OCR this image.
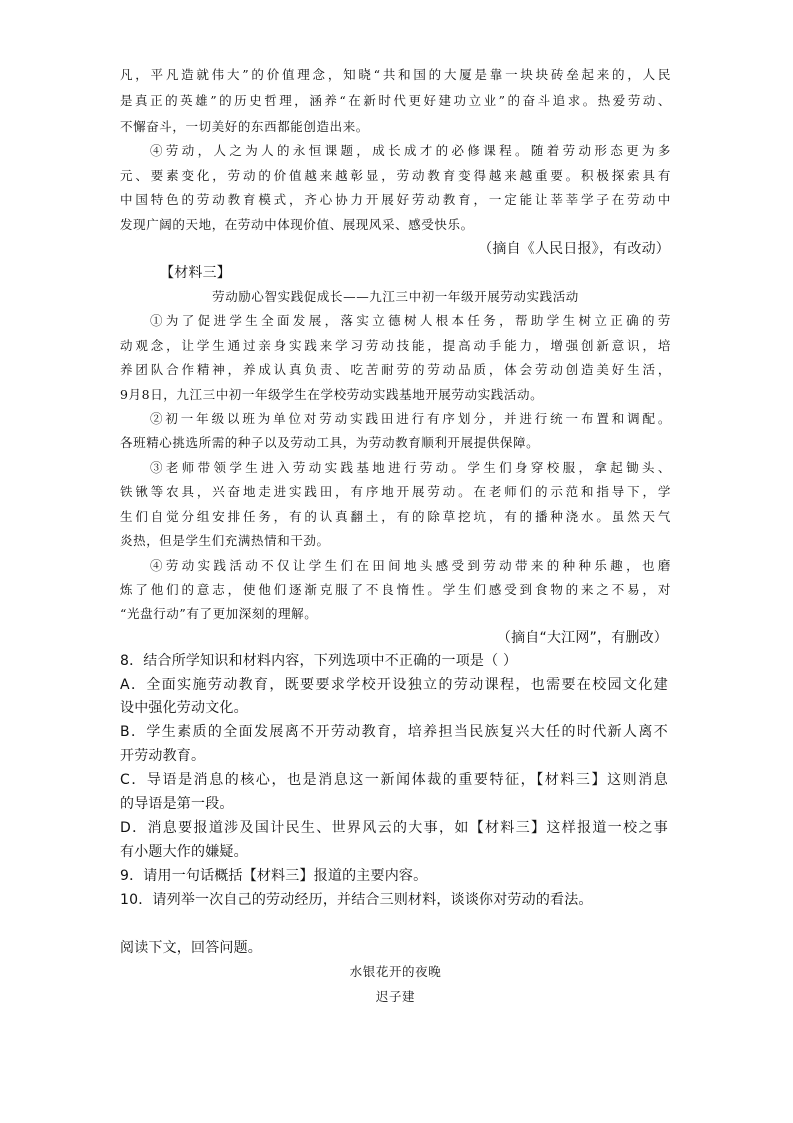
凡，平凡造就伟大”的价值理念，知晓“共和国的大厦是靠一块块砖垒起来的，人民

是真正的英雄”的历史哲理，涵养“在新时代更好建功立业”的奋斗追求。热爱劳动、

不懈奋斗，一切美好的东西都能创造出来。

④劳动，人之为人的永恒课题，成长成才的必修课程。随着劳动形态更为多

元、要素变化，劳动的价值越来越彰显，劳动教育变得越来越重要。积极探索具有

中国特色的劳动教育模式，齐心协力开展好劳动教育，一定能让莘莘学子在劳动中

发现广阔的天地，在劳动中体现价值、展现风采、感受快乐。

（摘自《人民日报》，有改动）

【材料三】

劳动励心智实践促成长——九江三中初一年级开展劳动实践活动

①为了促进学生全面发展，落实立德树人根本任务，帮助学生树立正确的劳

动观念，让学生通过亲身实践来学习劳动技能，提高动手能力，增强创新意识，培

养团队合作精神，养成认真负责、吃苦耐劳的劳动品质，体会劳动创造美好生活，

9月8日，九江三中初一年级学生在学校劳动实践基地开展劳动实践活动。

②初一年级以班为单位对劳动实践田进行有序划分，并进行统一布置和调配。

各班精心挑选所需的种子以及劳动工具，为劳动教育顺利开展提供保障。

③老师带领学生进入劳动实践基地进行劳动。学生们身穿校服，拿起锄头、

铁锹等农具，兴奋地走进实践田，有序地开展劳动。在老师们的示范和指导下，学

生们自觉分组安排任务，有的认真翻土，有的除草挖坑，有的播种浇水。虽然天气

炎热，但是学生们充满热情和干劲。

④劳动实践活动不仅让学生们在田间地头感受到劳动带来的种种乐趣，也磨

炼了他们的意志，使他们逐渐克服了不良惰性。学生们感受到食物的来之不易，对

“光盘行动”有了更加深刻的理解。

（摘自“大江网”，有删改）

8．结合所学知识和材料内容，下列选项中不正确的一项是（ ）

A．全面实施劳动教育，既要要求学校开设独立的劳动课程，也需要在校园文化建

设中强化劳动文化。

B．学生素质的全面发展离不开劳动教育，培养担当民族复兴大任的时代新人离不

开劳动教育。

C．导语是消息的核心，也是消息这一新闻体裁的重要特征，【材料三】这则消息

的导语是第一段。

D．消息要报道涉及国计民生、世界风云的大事，如【材料三】这样报道一校之事

有小题大作的嫌疑。

9．请用一句话概括【材料三】报道的主要内容。

10．请列举一次自己的劳动经历，并结合三则材料，谈谈你对劳动的看法。

阅读下文，回答问题。

水银花开的夜晚

迟子建
